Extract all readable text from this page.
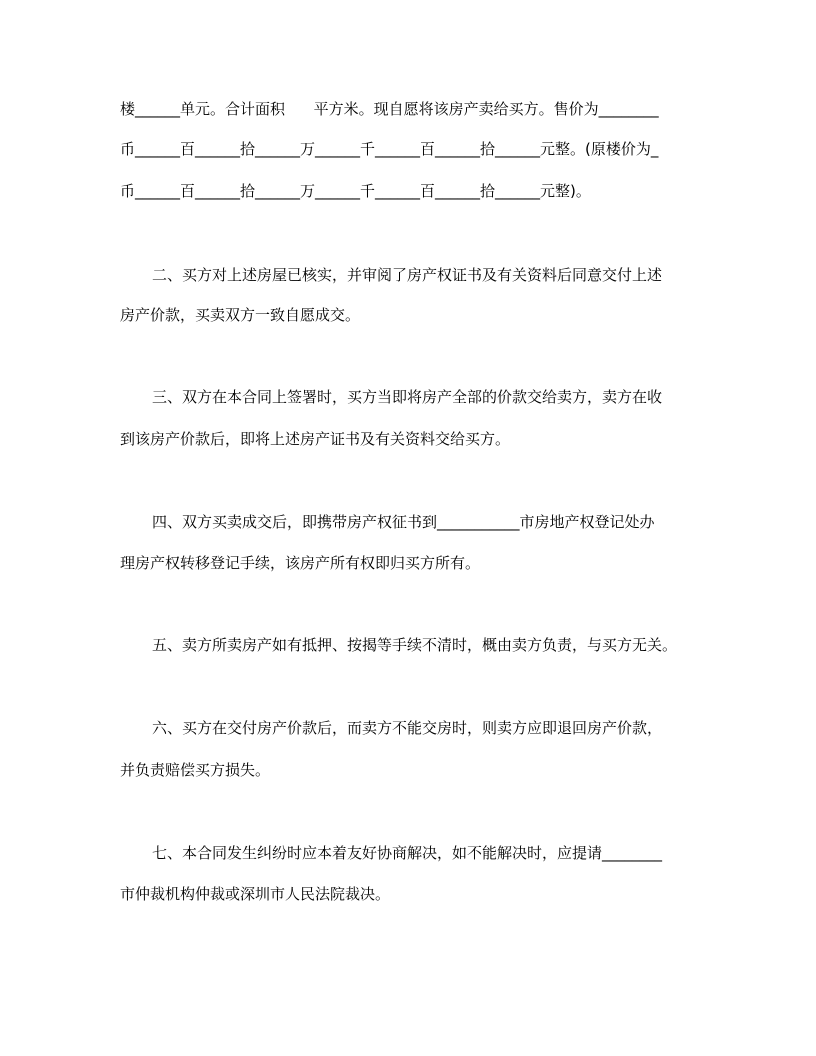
楼______单元。合计面积      平方米。现自愿将该房产卖给买方。售价为________
币______百______拾______万______千______百______拾______元整。(原楼价为_
币______百______拾______万______千______百______拾______元整)。
二、买方对上述房屋已核实，并审阅了房产权证书及有关资料后同意交付上述
房产价款，买卖双方一致自愿成交。
三、双方在本合同上签署时，买方当即将房产全部的价款交给卖方，卖方在收
到该房产价款后，即将上述房产证书及有关资料交给买方。
四、双方买卖成交后，即携带房产权征书到___________市房地产权登记处办
理房产权转移登记手续，该房产所有权即归买方所有。
五、卖方所卖房产如有抵押、按揭等手续不清时，概由卖方负责，与买方无关。
六、买方在交付房产价款后，而卖方不能交房时，则卖方应即退回房产价款，
并负责赔偿买方损失。
七、本合同发生纠纷时应本着友好协商解决，如不能解决时，应提请________
市仲裁机构仲裁或深圳市人民法院裁决。
